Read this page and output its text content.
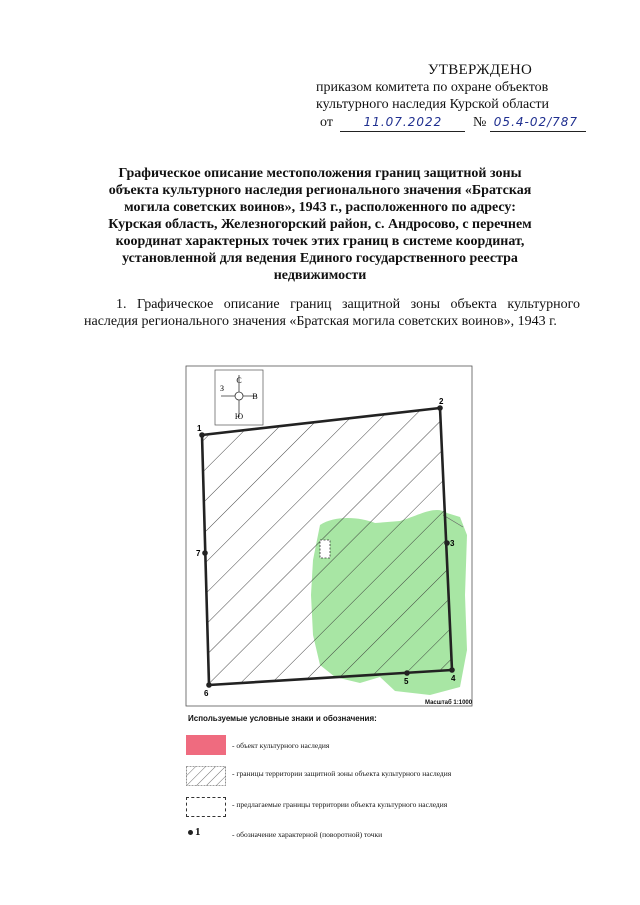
УТВЕРЖДЕНО
приказом комитета по охране объектов
культурного наследия Курской области
от	11.07.2022 № 05.4-02/787
Графическое описание местоположения границ защитной зоны
объекта культурного наследия регионального значения «Братская
могила советских воинов», 1943 г., расположенного по адресу:
Курская область, Железногорский район, с. Андросово, с перечнем
координат характерных точек этих границ в системе координат,
установленной для ведения Единого государственного реестра
недвижимости
1. Графическое описание границ защитной зоны объекта культурного наследия регионального значения «Братская могила советских воинов», 1943 г.
С
Ю
В
З
1
2
3
4
5
6
7
Масштаб 1:1000
Используемые условные знаки и обозначения:
- объект культурного наследия
- границы территории защитной зоны объекта культурного наследия
- предлагаемые границы территории объекта культурного наследия
1	- обозначение характерной (поворотной) точки
